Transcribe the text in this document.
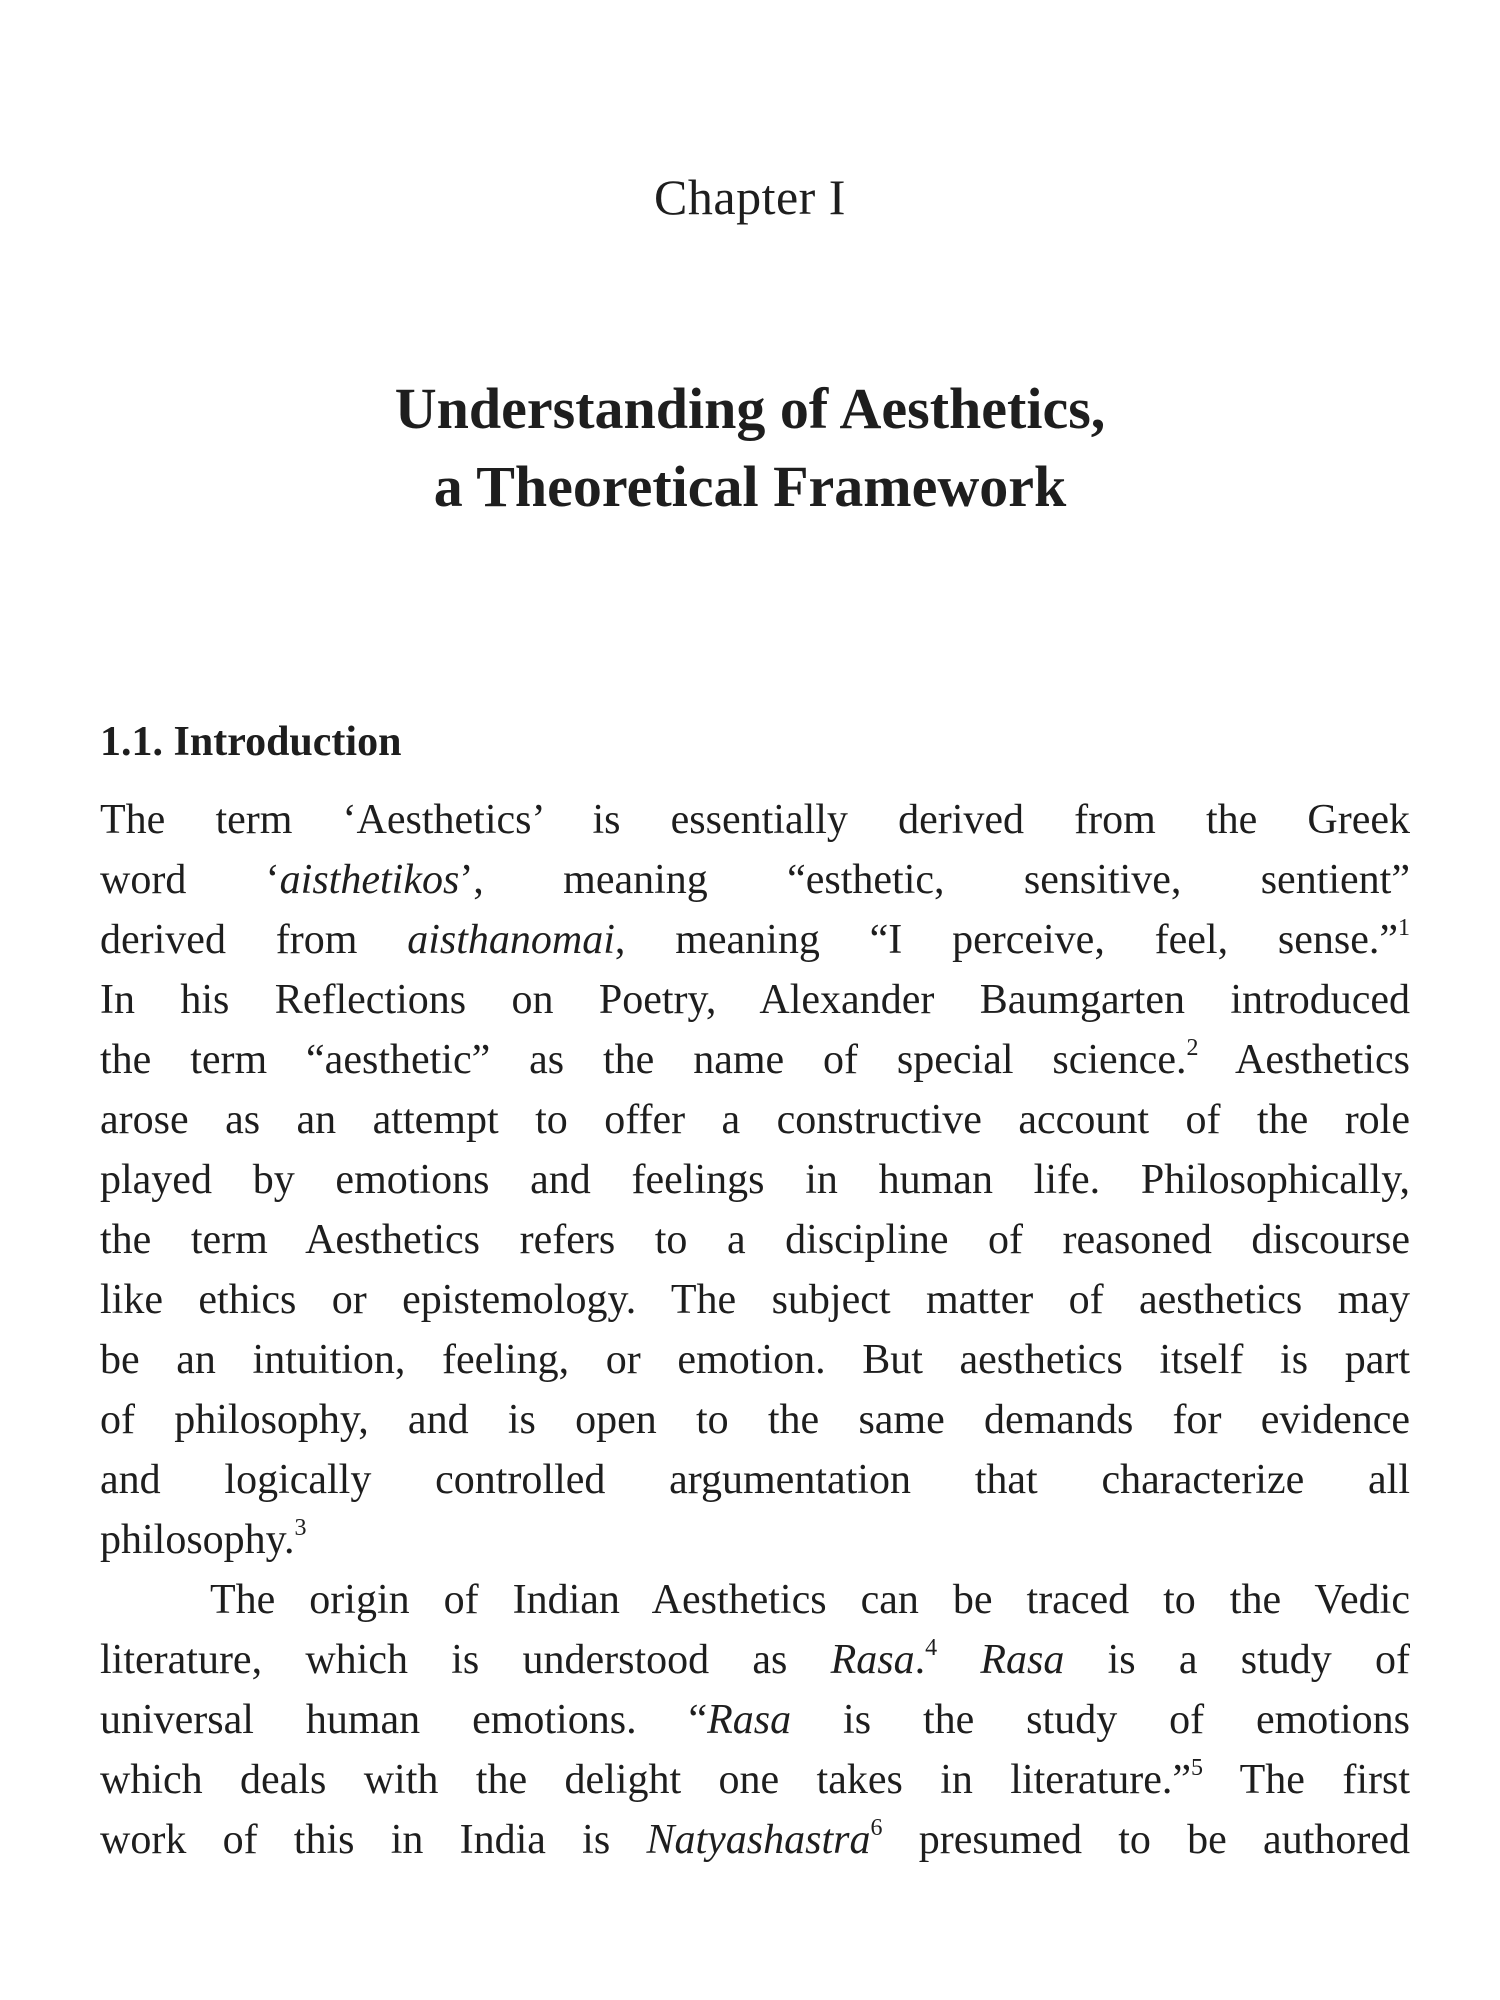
Chapter I
Understanding of Aesthetics,
a Theoretical Framework
1.1. Introduction
The term ‘Aesthetics’ is essentially derived from the Greek
word ‘aisthetikos’, meaning “esthetic, sensitive, sentient”
derived from aisthanomai, meaning “I perceive, feel, sense.”$^1$
In his Reflections on Poetry, Alexander Baumgarten introduced
the term “aesthetic” as the name of special science.$^2$ Aesthetics
arose as an attempt to offer a constructive account of the role
played by emotions and feelings in human life. Philosophically,
the term Aesthetics refers to a discipline of reasoned discourse
like ethics or epistemology. The subject matter of aesthetics may
be an intuition, feeling, or emotion. But aesthetics itself is part
of philosophy, and is open to the same demands for evidence
and logically controlled argumentation that characterize all
philosophy.$^3$
The origin of Indian Aesthetics can be traced to the Vedic
literature, which is understood as Rasa.$^4$ Rasa is a study of
universal human emotions. “Rasa is the study of emotions
which deals with the delight one takes in literature.”$^5$ The first
work of this in India is Natyashastra$^6$ presumed to be authored
